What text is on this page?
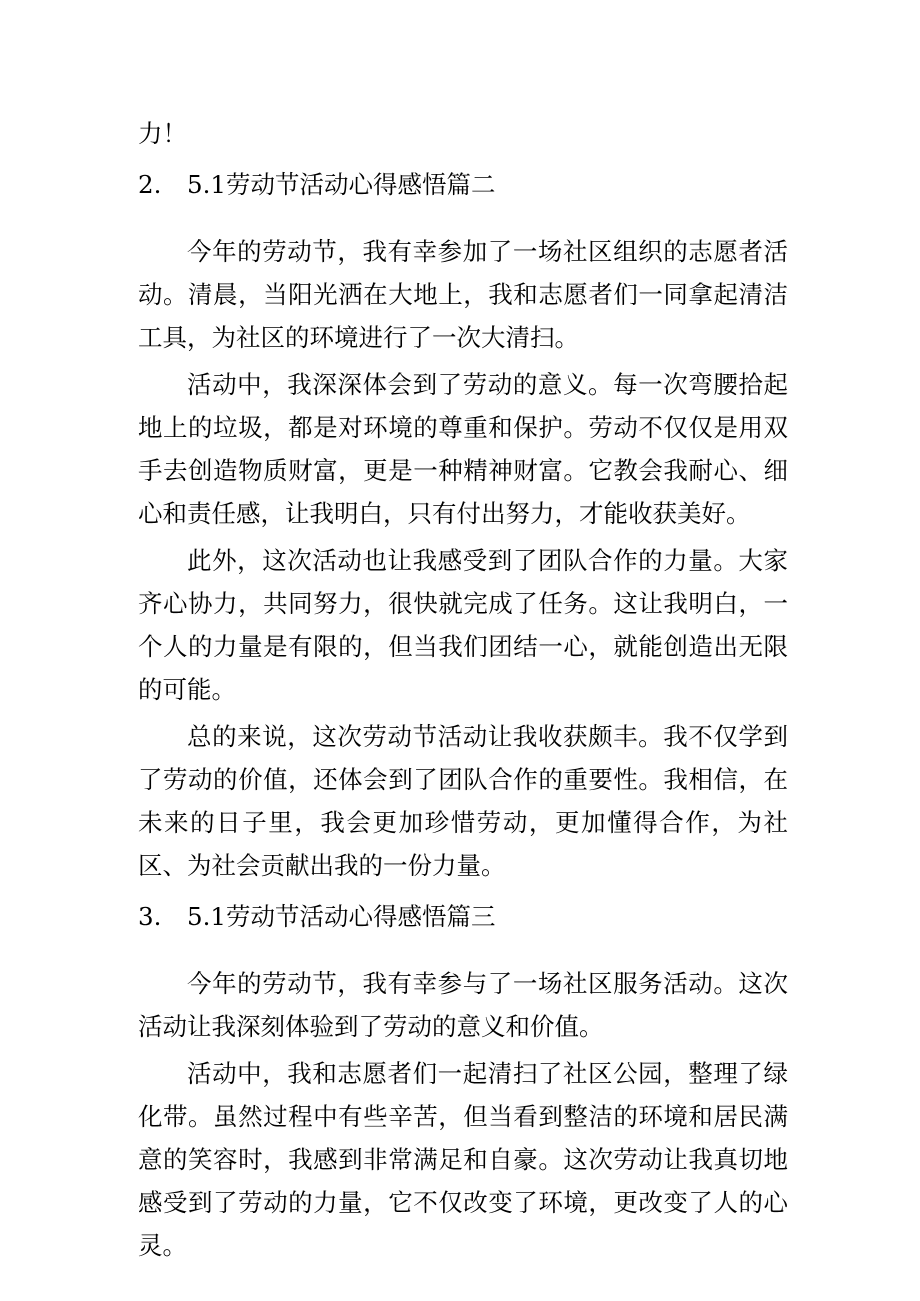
力！
2. 5.1劳动节活动心得感悟篇二

今年的劳动节，我有幸参加了一场社区组织的志愿者活动。清晨，当阳光洒在大地上，我和志愿者们一同拿起清洁工具，为社区的环境进行了一次大清扫。

活动中，我深深体会到了劳动的意义。每一次弯腰拾起地上的垃圾，都是对环境的尊重和保护。劳动不仅仅是用双手去创造物质财富，更是一种精神财富。它教会我耐心、细心和责任感，让我明白，只有付出努力，才能收获美好。

此外，这次活动也让我感受到了团队合作的力量。大家齐心协力，共同努力，很快就完成了任务。这让我明白，一个人的力量是有限的，但当我们团结一心，就能创造出无限的可能。

总的来说，这次劳动节活动让我收获颇丰。我不仅学到了劳动的价值，还体会到了团队合作的重要性。我相信，在未来的日子里，我会更加珍惜劳动，更加懂得合作，为社区、为社会贡献出我的一份力量。

3. 5.1劳动节活动心得感悟篇三

今年的劳动节，我有幸参与了一场社区服务活动。这次活动让我深刻体验到了劳动的意义和价值。

活动中，我和志愿者们一起清扫了社区公园，整理了绿化带。虽然过程中有些辛苦，但当看到整洁的环境和居民满意的笑容时，我感到非常满足和自豪。这次劳动让我真切地感受到了劳动的力量，它不仅改变了环境，更改变了人的心灵。
